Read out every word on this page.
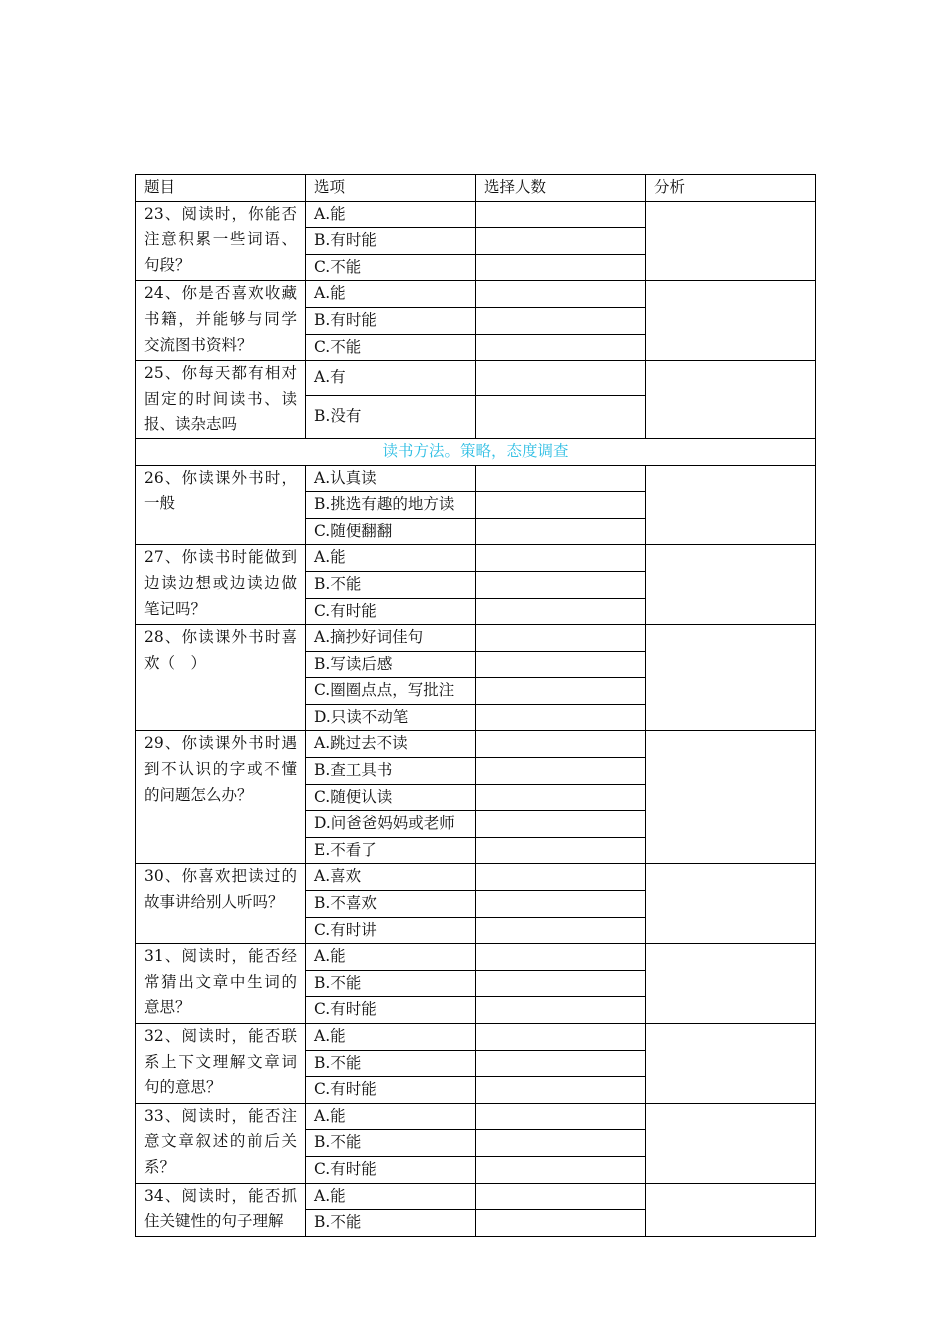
题目	选项	选择人数	分析
23、阅读时，你能否注意积累一些词语、句段？	A.能		
	B.有时能		
	C.不能		
24、你是否喜欢收藏书籍，并能够与同学交流图书资料？	A.能		
	B.有时能		
	C.不能		
25、你每天都有相对固定的时间读书、读报、读杂志吗	A.有		
	B.没有		
读书方法。策略，态度调查			
26、你读课外书时，一般	A.认真读		
	B.挑选有趣的地方读		
	C.随便翻翻		
27、你读书时能做到边读边想或边读边做笔记吗？	A.能		
	B.不能		
	C.有时能		
28、你读课外书时喜欢（　）	A.摘抄好词佳句		
	B.写读后感		
	C.圈圈点点，写批注		
	D.只读不动笔		
29、你读课外书时遇到不认识的字或不懂的问题怎么办？	A.跳过去不读		
	B.查工具书		
	C.随便认读		
	D.问爸爸妈妈或老师		
	E.不看了		
30、你喜欢把读过的故事讲给别人听吗？	A.喜欢		
	B.不喜欢		
	C.有时讲		
31、阅读时，能否经常猜出文章中生词的意思？	A.能		
	B.不能		
	C.有时能		
32、阅读时，能否联系上下文理解文章词句的意思？	A.能		
	B.不能		
	C.有时能		
33、阅读时，能否注意文章叙述的前后关系？	A.能		
	B.不能		
	C.有时能		
34、阅读时，能否抓住关键性的句子理解	A.能		
	B.不能		
